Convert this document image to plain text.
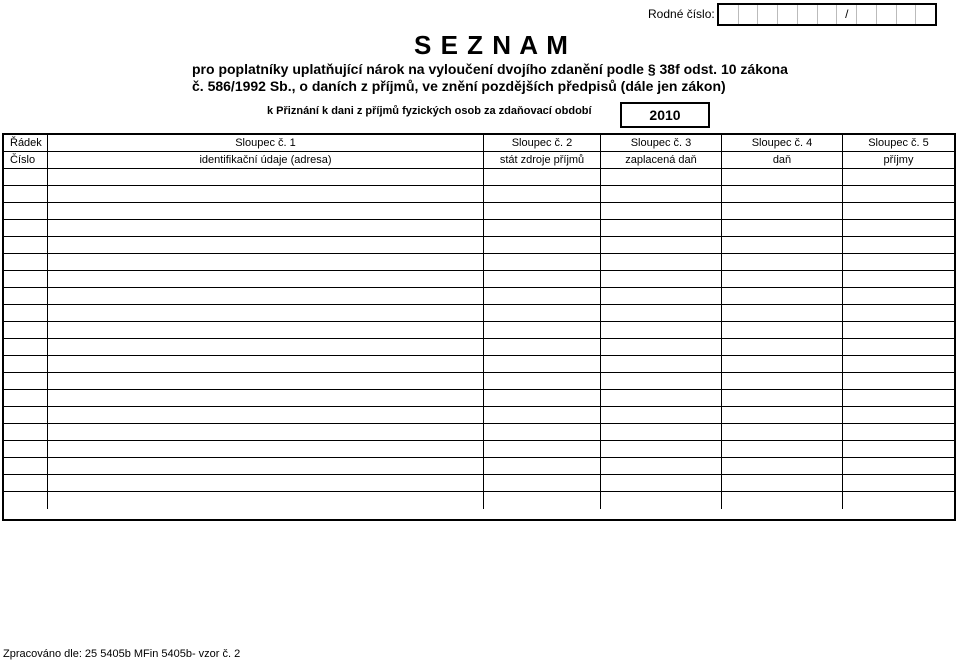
Rodné číslo:	/
S E Z N A M
pro poplatníky uplatňující nárok na vyloučení dvojího zdanění podle § 38f odst. 10 zákona
č. 586/1992 Sb., o daních z příjmů, ve znění pozdějších předpisů (dále jen zákon)
k Přiznání k dani z příjmů fyzických osob za zdaňovací období	2010
Řádek	Sloupec č. 1	Sloupec č. 2	Sloupec č. 3	Sloupec č. 4	Sloupec č. 5
Číslo	identifikační údaje (adresa)	stát zdroje příjmů	zaplacená daň	daň	příjmy
Zpracováno dle: 25 5405b MFin 5405b- vzor č. 2
